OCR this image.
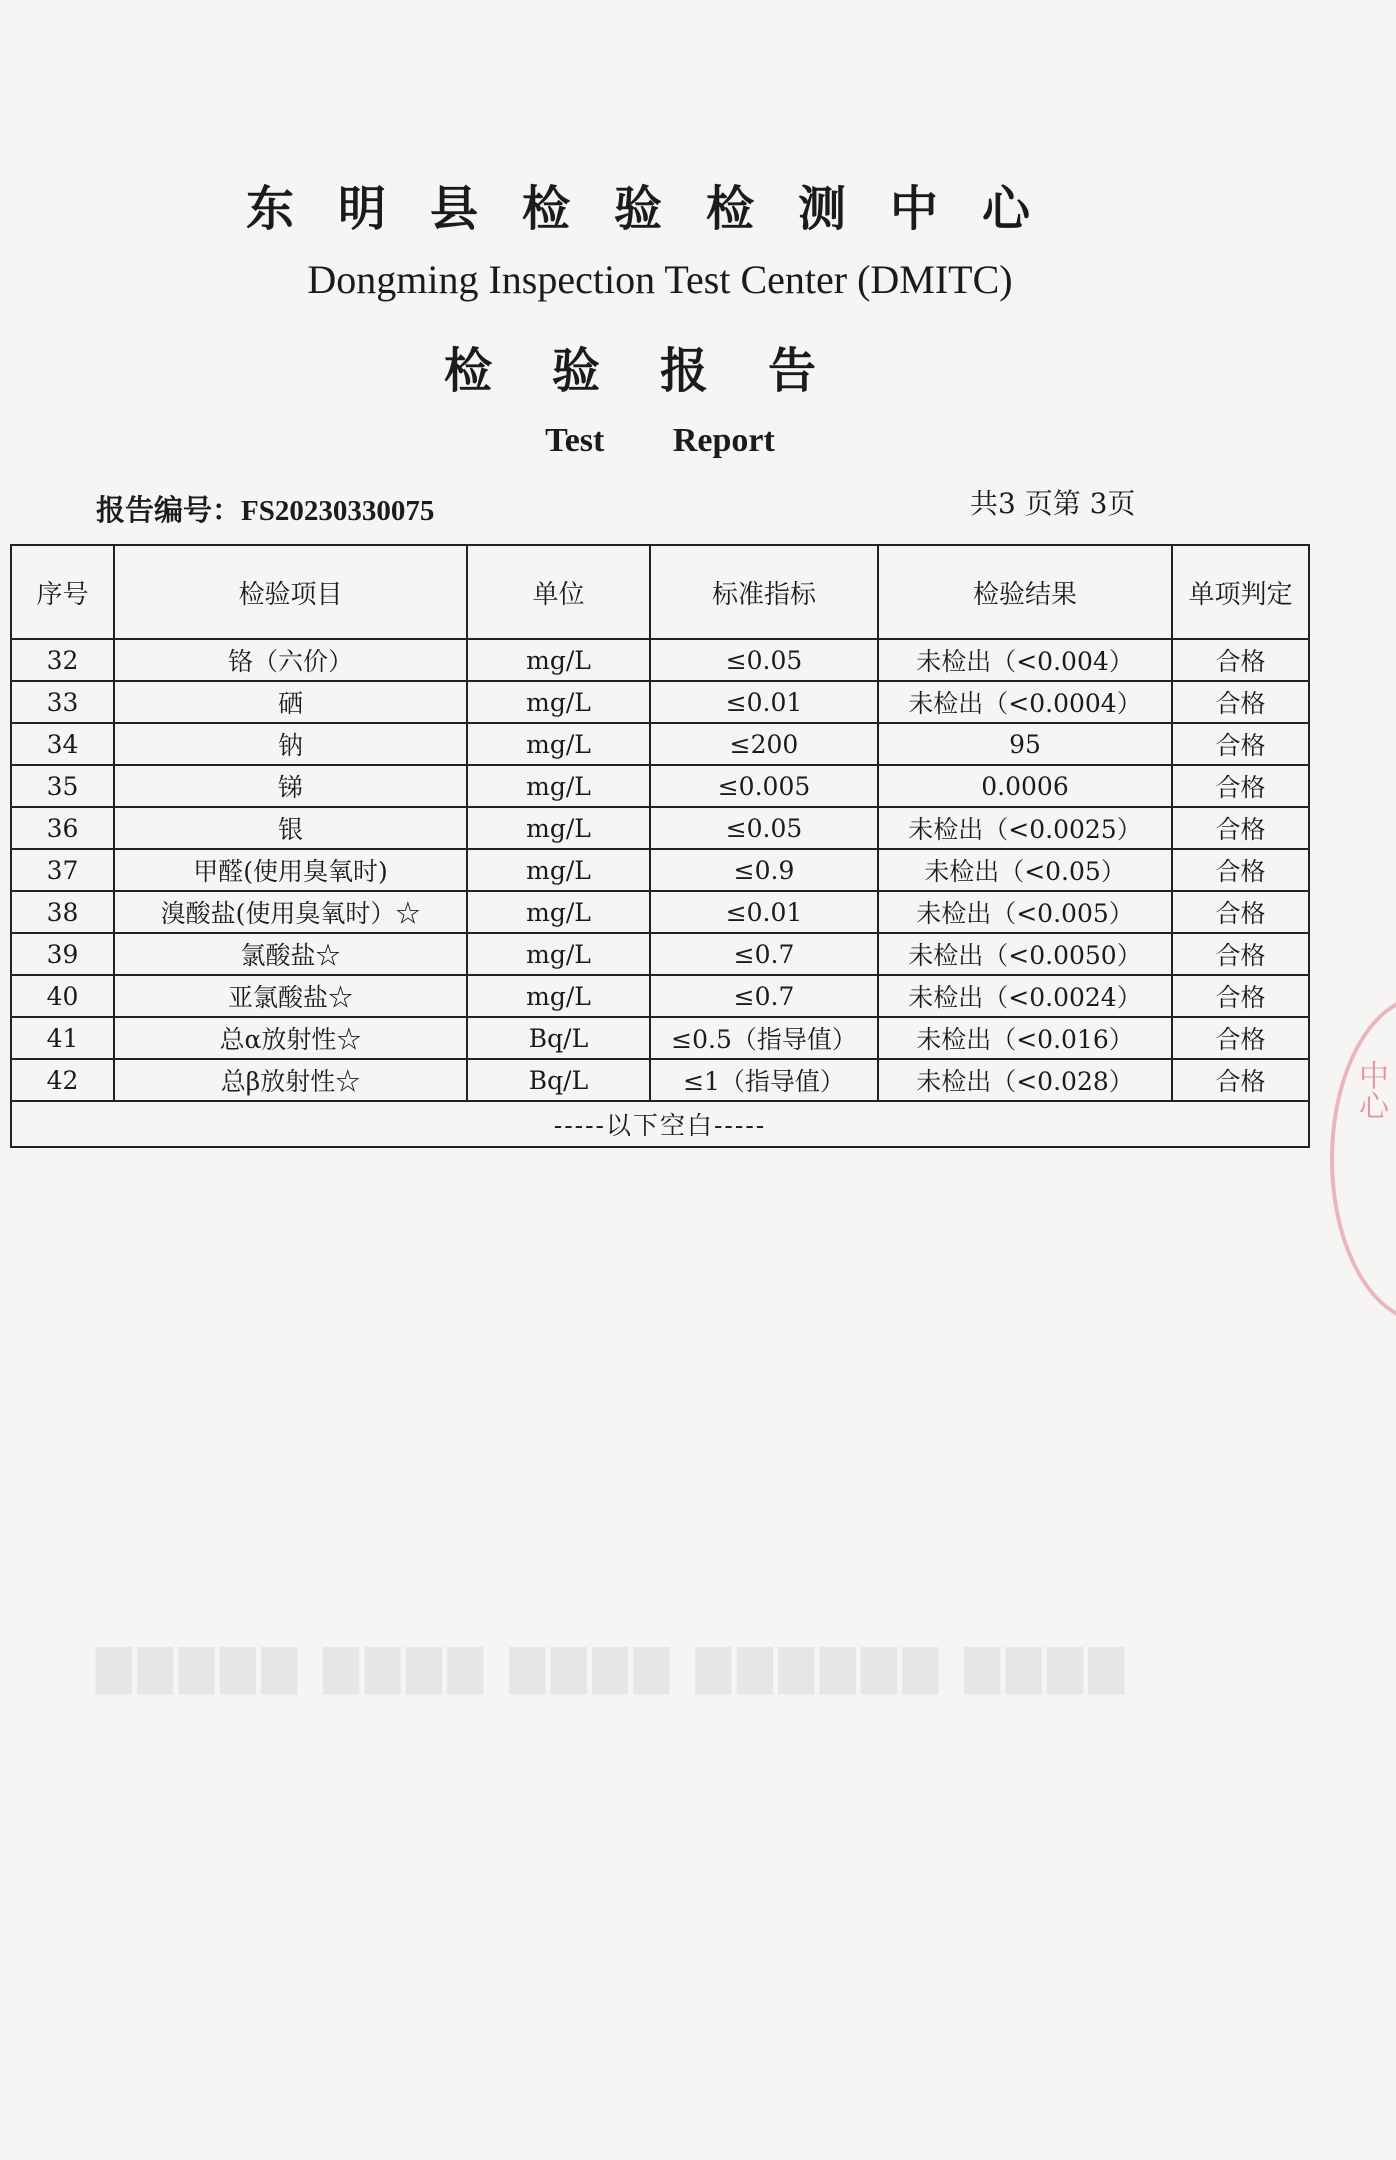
▇▇▇▇ ▇▇▇▇▇▇ ▇▇▇▇ ▇▇▇▇ ▇▇▇▇▇
东明县检验检测中心
Dongming Inspection Test Center (DMITC)
检验报告
Test Report
报告编号：FS20230330075	共3 页第 3页
序号	检验项目	单位	标准指标	检验结果	单项判定
32	铬（六价）	mg/L	≤0.05	未检出（<0.004）	合格
33	硒	mg/L	≤0.01	未检出（<0.0004）	合格
34	钠	mg/L	≤200	95	合格
35	锑	mg/L	≤0.005	0.0006	合格
36	银	mg/L	≤0.05	未检出（<0.0025）	合格
37	甲醛(使用臭氧时)	mg/L	≤0.9	未检出（<0.05）	合格
38	溴酸盐(使用臭氧时）☆	mg/L	≤0.01	未检出（<0.005）	合格
39	氯酸盐☆	mg/L	≤0.7	未检出（<0.0050）	合格
40	亚氯酸盐☆	mg/L	≤0.7	未检出（<0.0024）	合格
41	总α放射性☆	Bq/L	≤0.5（指导值）	未检出（<0.016）	合格
42	总β放射性☆	Bq/L	≤1（指导值）	未检出（<0.028）	合格
-----以下空白-----					
中心
